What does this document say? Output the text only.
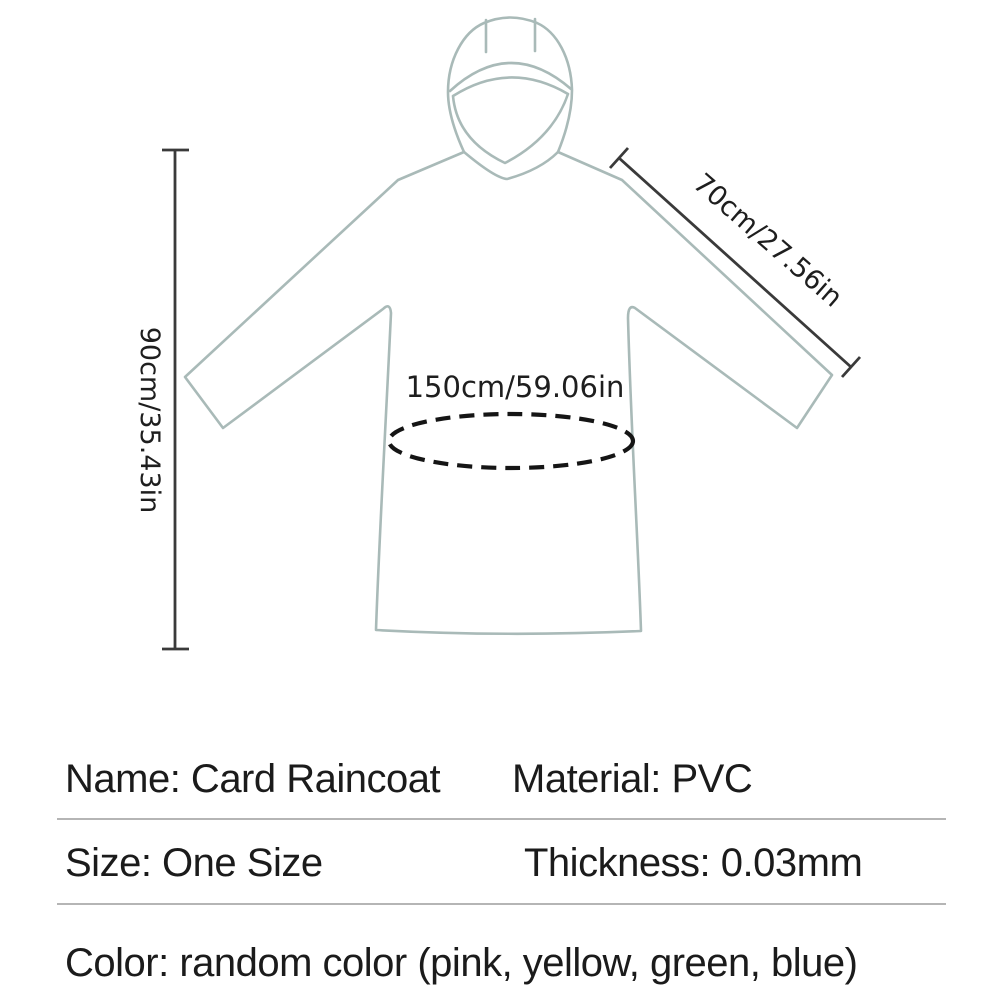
90cm/35.43in
70cm/27.56in
150cm/59.06in
Name: Card Raincoat Material: PVC
Size: One Size	Thickness: 0.03mm
Color: random color (pink, yellow, green, blue)
